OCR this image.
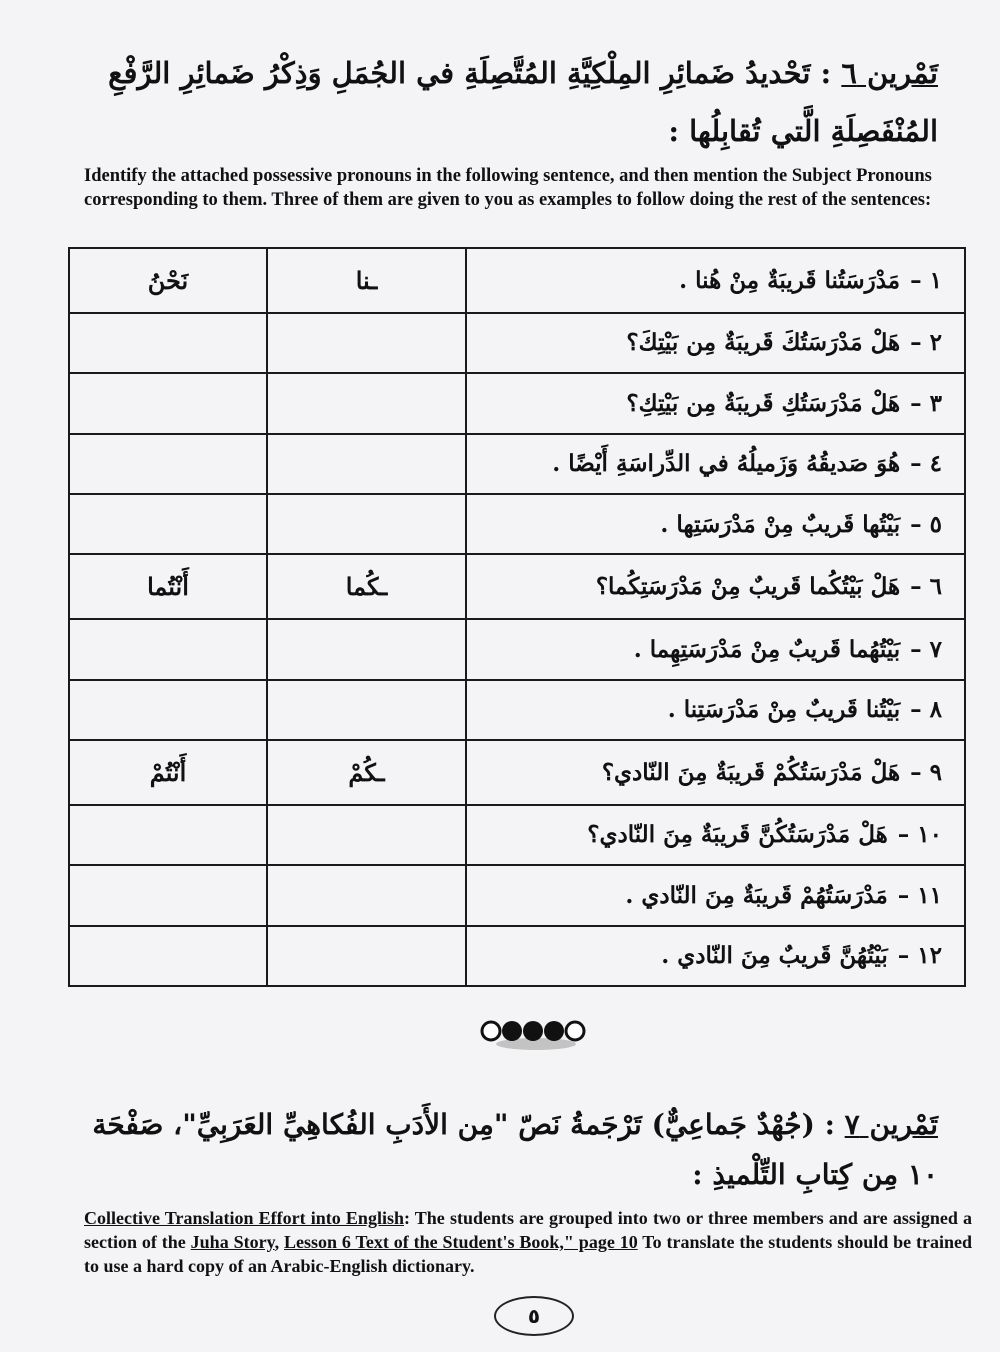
تَمْرين ٦ : تَحْديدُ ضَمائِرِ المِلْكِيَّةِ المُتَّصِلَةِ في الجُمَلِ وَذِكْرُ ضَمائِرِ الرَّفْعِ المُنْفَصِلَةِ الَّتي تُقابِلُها :
Identify the attached possessive pronouns in the following sentence, and then mention the Subject Pronouns corresponding to them. Three of them are given to you as examples to follow doing the rest of the sentences:
نَحْنُ	ـنا	١ –مَدْرَسَتُنا قَريبَةٌ مِنْ هُنا .
		٢ –هَلْ مَدْرَسَتُكَ قَريبَةٌ مِن بَيْتِكَ؟
		٣ –هَلْ مَدْرَسَتُكِ قَريبَةٌ مِن بَيْتِكِ؟
		٤ –هُوَ صَديقُهُ وَزَميلُهُ في الدِّراسَةِ أَيْضًا .
		٥ –بَيْتُها قَريبٌ مِنْ مَدْرَسَتِها .
أَنْتُما	ـكُما	٦ –هَلْ بَيْتُكُما قَريبٌ مِنْ مَدْرَسَتِكُما؟
		٧ –بَيْتُهُما قَريبٌ مِنْ مَدْرَسَتِهِما .
		٨ –بَيْتُنا قَريبٌ مِنْ مَدْرَسَتِنا .
أَنْتُمْ	ـكُمْ	٩ –هَلْ مَدْرَسَتُكُمْ قَريبَةٌ مِنَ النّادي؟
		١٠ –هَلْ مَدْرَسَتُكُنَّ قَريبَةٌ مِنَ النّادي؟
		١١ –مَدْرَسَتُهُمْ قَريبَةٌ مِنَ النّادي .
		١٢ –بَيْتُهُنَّ قَريبٌ مِنَ النّادي .
تَمْرين ٧ : (جُهْدٌ جَماعِيٌّ) تَرْجَمةُ نَصّ "مِن الأَدَبِ الفُكاهِيِّ العَرَبِيِّ"، صَفْحَة ١٠ مِن كِتابِ التِّلْميذِ :
Collective Translation Effort into English: The students are grouped into two or three members and are assigned a section of the Juha Story, Lesson 6 Text of the Student's Book," page 10 To translate the students should be trained to use a hard copy of an Arabic-English dictionary.
٥
